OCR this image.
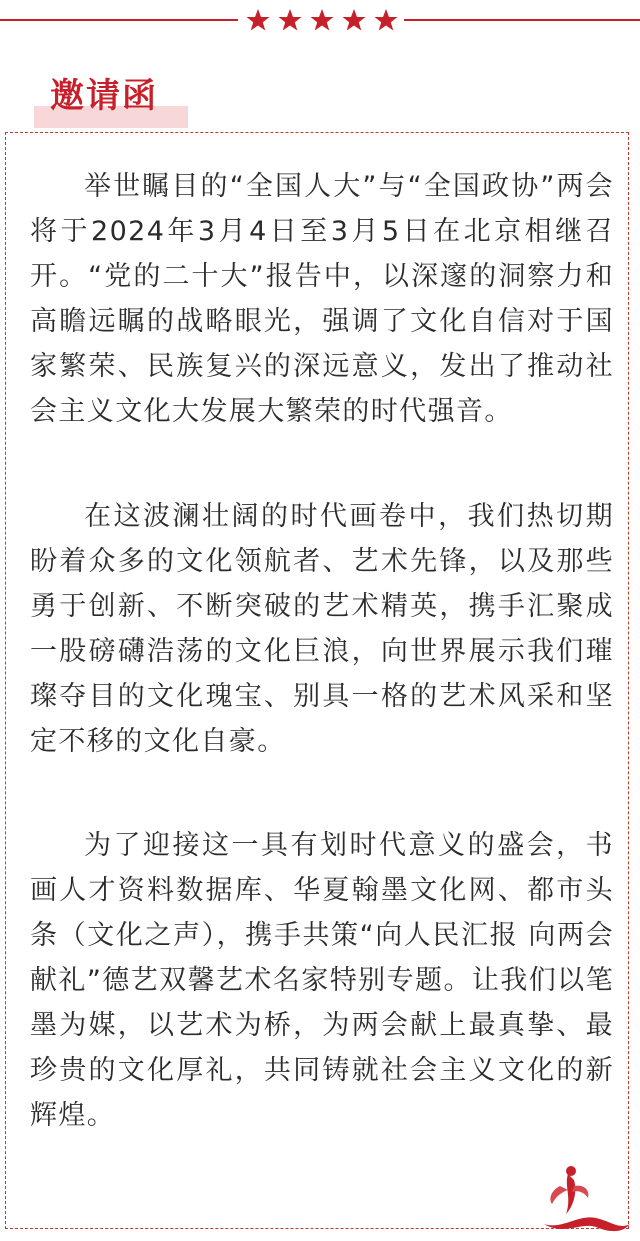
邀请函

举世瞩目的“全国人大”与“全国政协”两会将于2024年3月4日至3月5日在北京相继召开。“党的二十大”报告中，以深邃的洞察力和高瞻远瞩的战略眼光，强调了文化自信对于国家繁荣、民族复兴的深远意义，发出了推动社会主义文化大发展大繁荣的时代强音。

在这波澜壮阔的时代画卷中，我们热切期盼着众多的文化领航者、艺术先锋，以及那些勇于创新、不断突破的艺术精英，携手汇聚成一股磅礴浩荡的文化巨浪，向世界展示我们璀璨夺目的文化瑰宝、别具一格的艺术风采和坚定不移的文化自豪。

为了迎接这一具有划时代意义的盛会，书画人才资料数据库、华夏翰墨文化网、都市头条（文化之声），携手共策“向人民汇报 向两会献礼”德艺双馨艺术名家特别专题。让我们以笔墨为媒，以艺术为桥，为两会献上最真挚、最珍贵的文化厚礼，共同铸就社会主义文化的新辉煌。
